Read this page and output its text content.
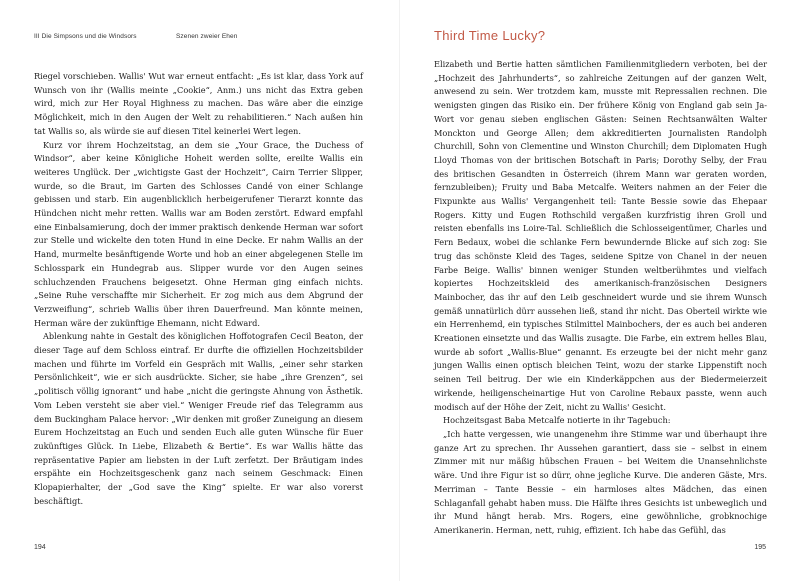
III Die Simpsons und die Windsors	Szenen zweier Ehen

Riegel vorschieben. Wallis' Wut war erneut entfacht: „Es ist klar, dass York auf Wunsch von ihr (Wallis meinte „Cookie“, Anm.) uns nicht das Extra geben wird, mich zur Her Royal Highness zu machen. Das wäre aber die einzige Möglichkeit, mich in den Augen der Welt zu rehabilitieren.“ Nach außen hin tat Wallis so, als würde sie auf diesen Titel keinerlei Wert legen.

Kurz vor ihrem Hochzeitstag, an dem sie „Your Grace, the Duchess of Windsor“, aber keine Königliche Hoheit werden sollte, ereilte Wallis ein weiteres Unglück. Der „wichtigste Gast der Hochzeit“, Cairn Terrier Slipper, wurde, so die Braut, im Garten des Schlosses Candé von einer Schlange gebissen und starb. Ein augenblicklich herbeigerufener Tierarzt konnte das Hündchen nicht mehr retten. Wallis war am Boden zerstört. Edward empfahl eine Einbalsamierung, doch der immer praktisch denkende Herman war sofort zur Stelle und wickelte den toten Hund in eine Decke. Er nahm Wallis an der Hand, murmelte besänftigende Worte und hob an einer abgelegenen Stelle im Schlosspark ein Hundegrab aus. Slipper wurde vor den Augen seines schluchzenden Frauchens beigesetzt. Ohne Herman ging einfach nichts. „Seine Ruhe verschaffte mir Sicherheit. Er zog mich aus dem Abgrund der Verzweiflung“, schrieb Wallis über ihren Dauerfreund. Man könnte meinen, Herman wäre der zukünftige Ehemann, nicht Edward.

Ablenkung nahte in Gestalt des königlichen Hoffotografen Cecil Beaton, der dieser Tage auf dem Schloss eintraf. Er durfte die offiziellen Hochzeitsbilder machen und führte im Vorfeld ein Gespräch mit Wallis, „einer sehr starken Persönlichkeit“, wie er sich ausdrückte. Sicher, sie habe „ihre Grenzen“, sei „politisch völlig ignorant“ und habe „nicht die geringste Ahnung von Ästhetik. Vom Leben versteht sie aber viel.“ Weniger Freude rief das Telegramm aus dem Buckingham Palace hervor: „Wir denken mit großer Zuneigung an diesem Eurem Hochzeitstag an Euch und senden Euch alle guten Wünsche für Euer zukünftiges Glück. In Liebe, Elizabeth & Bertie“. Es war Wallis hätte das repräsentative Papier am liebsten in der Luft zerfetzt. Der Bräutigam indes erspähte ein Hochzeitsgeschenk ganz nach seinem Geschmack: Einen Klopapierhalter, der „God save the King“ spielte. Er war also vorerst beschäftigt.

194
Third Time Lucky?

Elizabeth und Bertie hatten sämtlichen Familienmitgliedern verboten, bei der „Hochzeit des Jahrhunderts“, so zahlreiche Zeitungen auf der ganzen Welt, anwesend zu sein. Wer trotzdem kam, musste mit Repressalien rechnen. Die wenigsten gingen das Risiko ein. Der frühere König von England gab sein Ja-Wort vor genau sieben englischen Gästen: Seinen Rechtsanwälten Walter Monckton und George Allen; dem akkreditierten Journalisten Randolph Churchill, Sohn von Clementine und Winston Churchill; dem Diplomaten Hugh Lloyd Thomas von der britischen Botschaft in Paris; Dorothy Selby, der Frau des britischen Gesandten in Österreich (ihrem Mann war geraten worden, fernzubleiben); Fruity und Baba Metcalfe. Weiters nahmen an der Feier die Fixpunkte aus Wallis' Vergangenheit teil: Tante Bessie sowie das Ehepaar Rogers. Kitty und Eugen Rothschild vergaßen kurzfristig ihren Groll und reisten ebenfalls ins Loire-Tal. Schließlich die Schlosseigentümer, Charles und Fern Bedaux, wobei die schlanke Fern bewundernde Blicke auf sich zog: Sie trug das schönste Kleid des Tages, seidene Spitze von Chanel in der neuen Farbe Beige. Wallis' binnen weniger Stunden weltberühmtes und vielfach kopiertes Hochzeitskleid des amerikanisch-französischen Designers Mainbocher, das ihr auf den Leib geschneidert wurde und sie ihrem Wunsch gemäß unnatürlich dürr aussehen ließ, stand ihr nicht. Das Oberteil wirkte wie ein Herrenhemd, ein typisches Stilmittel Mainbochers, der es auch bei anderen Kreationen einsetzte und das Wallis zusagte. Die Farbe, ein extrem helles Blau, wurde ab sofort „Wallis-Blue“ genannt. Es erzeugte bei der nicht mehr ganz jungen Wallis einen optisch bleichen Teint, wozu der starke Lippenstift noch seinen Teil beitrug. Der wie ein Kinderkäppchen aus der Biedermeierzeit wirkende, heiligenscheinartige Hut von Caroline Rebaux passte, wenn auch modisch auf der Höhe der Zeit, nicht zu Wallis' Gesicht.

Hochzeitsgast Baba Metcalfe notierte in ihr Tagebuch:

„Ich hatte vergessen, wie unangenehm ihre Stimme war und überhaupt ihre ganze Art zu sprechen. Ihr Aussehen garantiert, dass sie – selbst in einem Zimmer mit nur mäßig hübschen Frauen – bei Weitem die Unansehnlichste wäre. Und ihre Figur ist so dürr, ohne jegliche Kurve. Die anderen Gäste, Mrs. Merriman – Tante Bessie – ein harmloses altes Mädchen, das einen Schlaganfall gehabt haben muss. Die Hälfte ihres Gesichts ist unbeweglich und ihr Mund hängt herab. Mrs. Rogers, eine gewöhnliche, grobknochige Amerikanerin. Herman, nett, ruhig, effizient. Ich habe das Gefühl, das

195
